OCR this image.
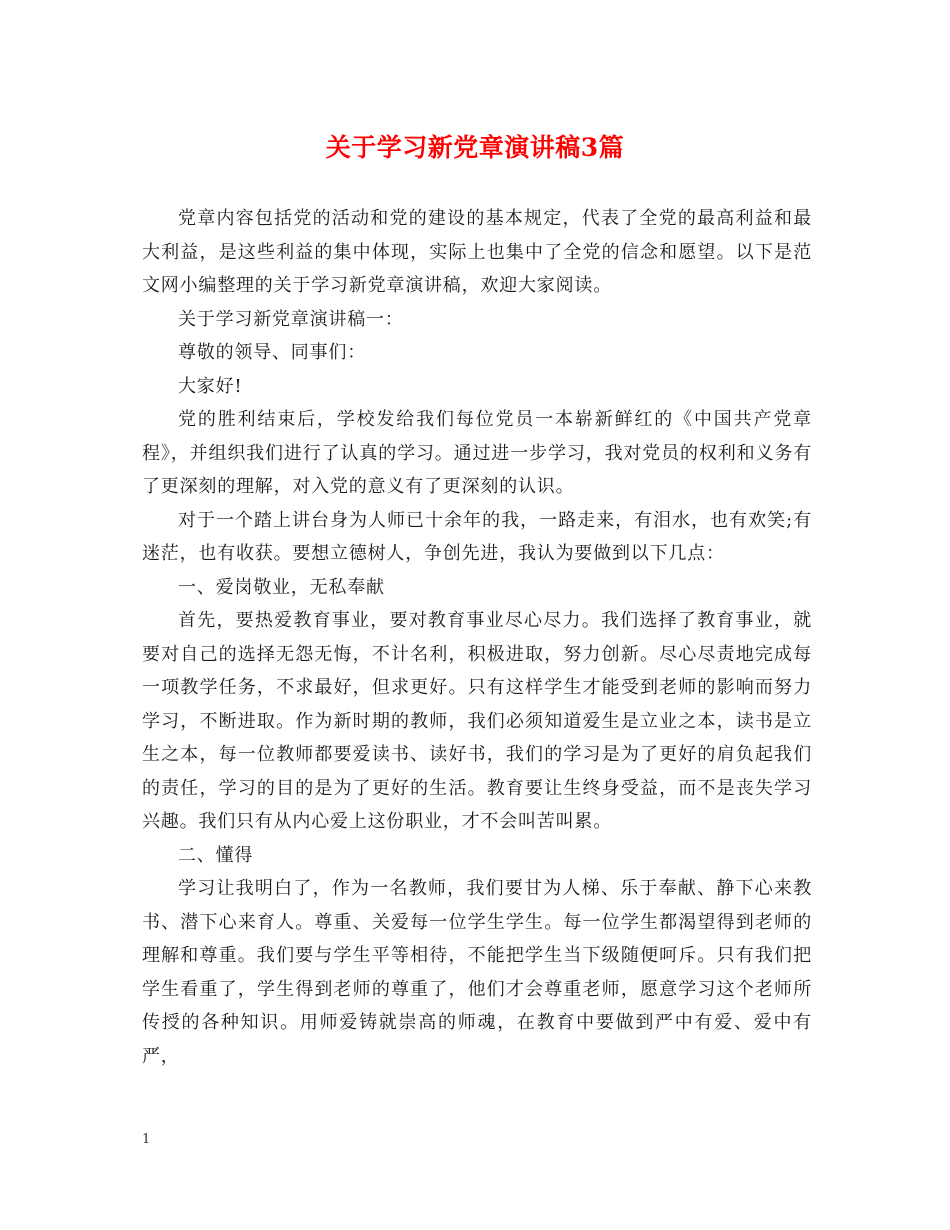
关于学习新党章演讲稿3篇

党章内容包括党的活动和党的建设的基本规定，代表了全党的最高利益和最大利益，是这些利益的集中体现，实际上也集中了全党的信念和愿望。以下是范文网小编整理的关于学习新党章演讲稿，欢迎大家阅读。

关于学习新党章演讲稿一：

尊敬的领导、同事们：

大家好!

党的胜利结束后，学校发给我们每位党员一本崭新鲜红的《中国共产党章程》，并组织我们进行了认真的学习。通过进一步学习，我对党员的权利和义务有了更深刻的理解，对入党的意义有了更深刻的认识。

对于一个踏上讲台身为人师已十余年的我，一路走来，有泪水，也有欢笑;有迷茫，也有收获。要想立德树人，争创先进，我认为要做到以下几点：

一、爱岗敬业，无私奉献

首先，要热爱教育事业，要对教育事业尽心尽力。我们选择了教育事业，就要对自己的选择无怨无悔，不计名利，积极进取，努力创新。尽心尽责地完成每一项教学任务，不求最好，但求更好。只有这样学生才能受到老师的影响而努力学习，不断进取。作为新时期的教师，我们必须知道爱生是立业之本，读书是立生之本，每一位教师都要爱读书、读好书，我们的学习是为了更好的肩负起我们的责任，学习的目的是为了更好的生活。教育要让生终身受益，而不是丧失学习兴趣。我们只有从内心爱上这份职业，才不会叫苦叫累。

二、懂得

学习让我明白了，作为一名教师，我们要甘为人梯、乐于奉献、静下心来教书、潜下心来育人。尊重、关爱每一位学生学生。每一位学生都渴望得到老师的理解和尊重。我们要与学生平等相待，不能把学生当下级随便呵斥。只有我们把学生看重了，学生得到老师的尊重了，他们才会尊重老师，愿意学习这个老师所传授的各种知识。用师爱铸就崇高的师魂，在教育中要做到严中有爱、爱中有严，

1
